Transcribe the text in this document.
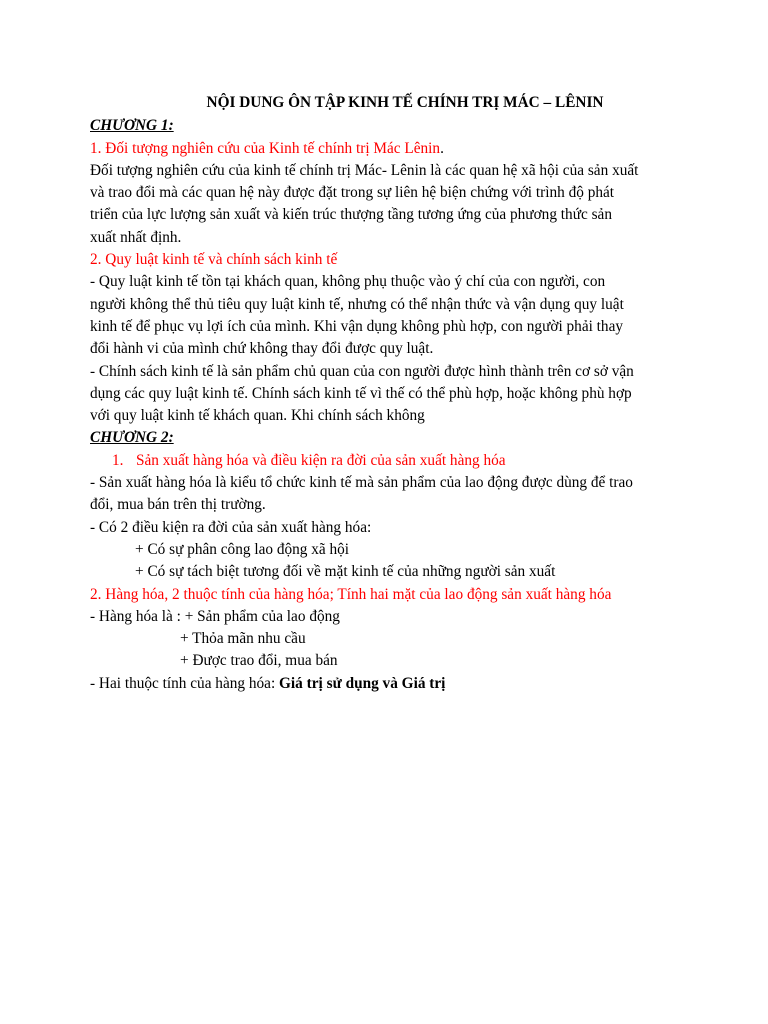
NỘI DUNG ÔN TẬP KINH TẾ CHÍNH TRỊ MÁC – LÊNIN
CHƯƠNG 1:
1. Đối tượng nghiên cứu của Kinh tế chính trị Mác Lênin.
Đối tượng nghiên cứu của kinh tế chính trị Mác- Lênin là các quan hệ xã hội của sản xuất
và trao đổi mà các quan hệ này được đặt trong sự liên hệ biện chứng với trình độ phát
triển của lực lượng sản xuất và kiến trúc thượng tầng tương ứng của phương thức sản
xuất nhất định.
2. Quy luật kinh tế và chính sách kinh tế
- Quy luật kinh tế tồn tại khách quan, không phụ thuộc vào ý chí của con người, con
người không thể thủ tiêu quy luật kinh tế, nhưng có thể nhận thức và vận dụng quy luật
kinh tế để phục vụ lợi ích của mình. Khi vận dụng không phù hợp, con người phải thay
đổi hành vi của mình chứ không thay đổi được quy luật.
- Chính sách kinh tế là sản phẩm chủ quan của con người được hình thành trên cơ sở vận
dụng các quy luật kinh tế. Chính sách kinh tế vì thế có thể phù hợp, hoặc không phù hợp
với quy luật kinh tế khách quan. Khi chính sách không
CHƯƠNG 2:
1. Sản xuất hàng hóa và điều kiện ra đời của sản xuất hàng hóa
- Sản xuất hàng hóa là kiểu tổ chức kinh tế mà sản phẩm của lao động được dùng để trao
đổi, mua bán trên thị trường.
- Có 2 điều kiện ra đời của sản xuất hàng hóa:
+ Có sự phân công lao động xã hội
+ Có sự tách biệt tương đối về mặt kinh tế của những người sản xuất
2. Hàng hóa, 2 thuộc tính của hàng hóa; Tính hai mặt của lao động sản xuất hàng hóa
- Hàng hóa là : + Sản phẩm của lao động
+ Thỏa mãn nhu cầu
+ Được trao đổi, mua bán
- Hai thuộc tính của hàng hóa: Giá trị sử dụng và Giá trị
